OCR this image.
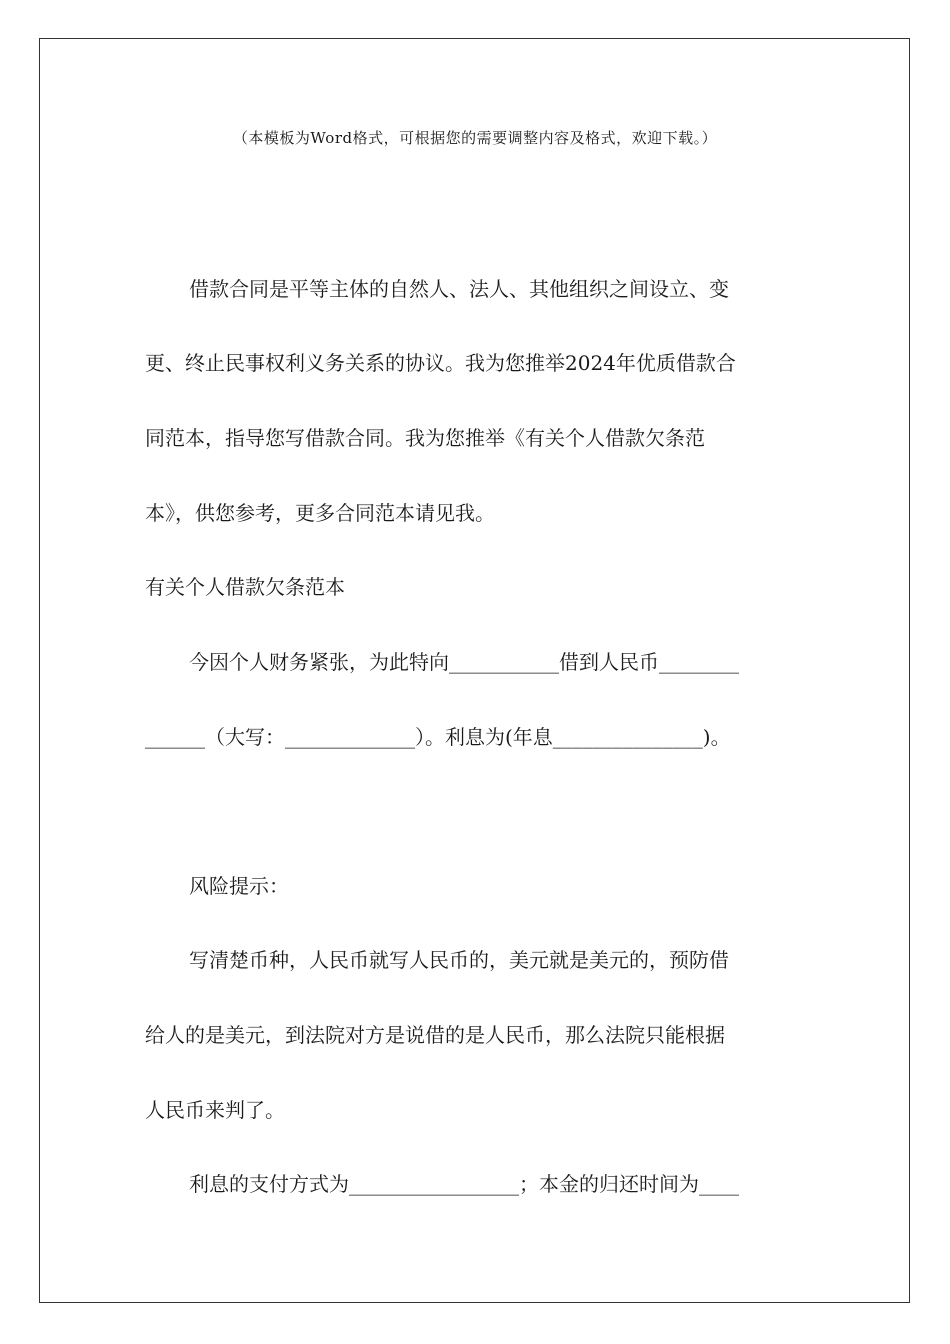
（本模板为Word格式，可根据您的需要调整内容及格式，欢迎下载。）
借款合同是平等主体的自然人、法人、其他组织之间设立、变
更、终止民事权利义务关系的协议。我为您推举2024年优质借款合
同范本，指导您写借款合同。我为您推举《有关个人借款欠条范
本》，供您参考，更多合同范本请见我。
有关个人借款欠条范本
今因个人财务紧张，为此特向___________借到人民币________
______（大写：_____________）。利息为(年息_______________)。
风险提示：
写清楚币种，人民币就写人民币的，美元就是美元的，预防借
给人的是美元，到法院对方是说借的是人民币，那么法院只能根据
人民币来判了。
利息的支付方式为_________________；本金的归还时间为____
